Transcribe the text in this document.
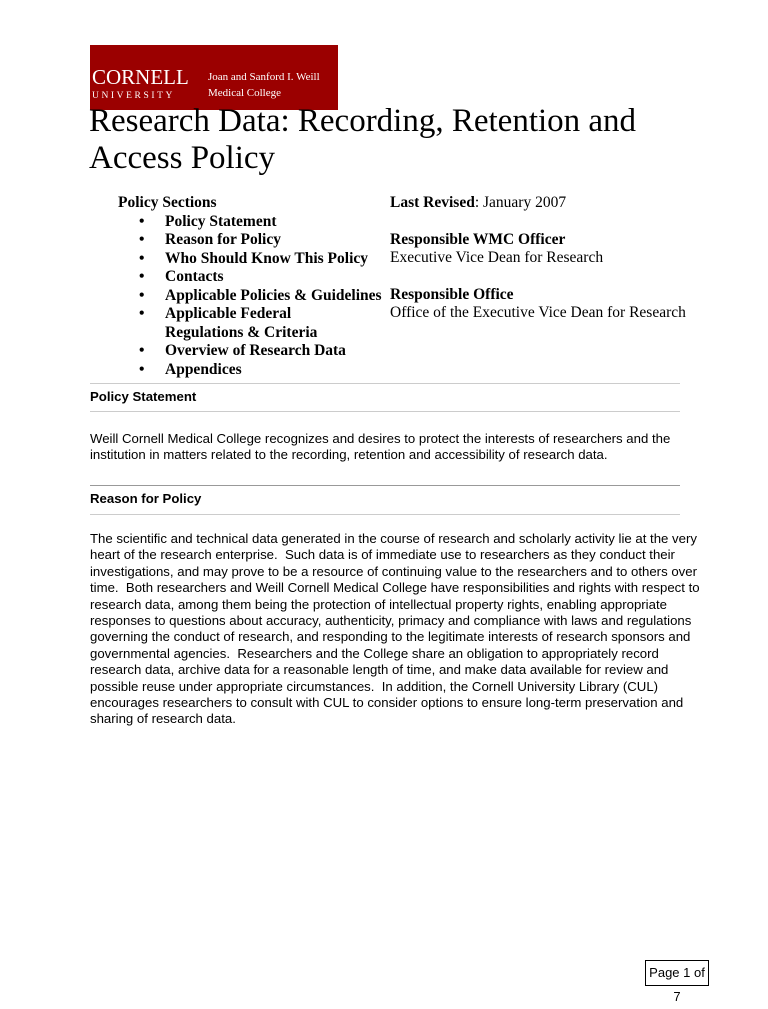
CORNELL
UNIVERSITY
Joan and Sanford I. Weill
Medical College
Research Data: Recording, Retention and Access Policy
Policy Sections
• Policy Statement
• Reason for Policy
• Who Should Know This Policy
• Contacts
• Applicable Policies & Guidelines
• Applicable Federal Regulations & Criteria
• Overview of Research Data
• Appendices
Last Revised: January 2007
Responsible WMC Officer
Executive Vice Dean for Research
Responsible Office
Office of the Executive Vice Dean for Research
Policy Statement
Weill Cornell Medical College recognizes and desires to protect the interests of researchers and the
institution in matters related to the recording, retention and accessibility of research data.
Reason for Policy
The scientific and technical data generated in the course of research and scholarly activity lie at the very
heart of the research enterprise.  Such data is of immediate use to researchers as they conduct their
investigations, and may prove to be a resource of continuing value to the researchers and to others over
time.  Both researchers and Weill Cornell Medical College have responsibilities and rights with respect to
research data, among them being the protection of intellectual property rights, enabling appropriate
responses to questions about accuracy, authenticity, primacy and compliance with laws and regulations
governing the conduct of research, and responding to the legitimate interests of research sponsors and
governmental agencies.  Researchers and the College share an obligation to appropriately record
research data, archive data for a reasonable length of time, and make data available for review and
possible reuse under appropriate circumstances.  In addition, the Cornell University Library (CUL)
encourages researchers to consult with CUL to consider options to ensure long-term preservation and
sharing of research data.
Page 1 of 7
